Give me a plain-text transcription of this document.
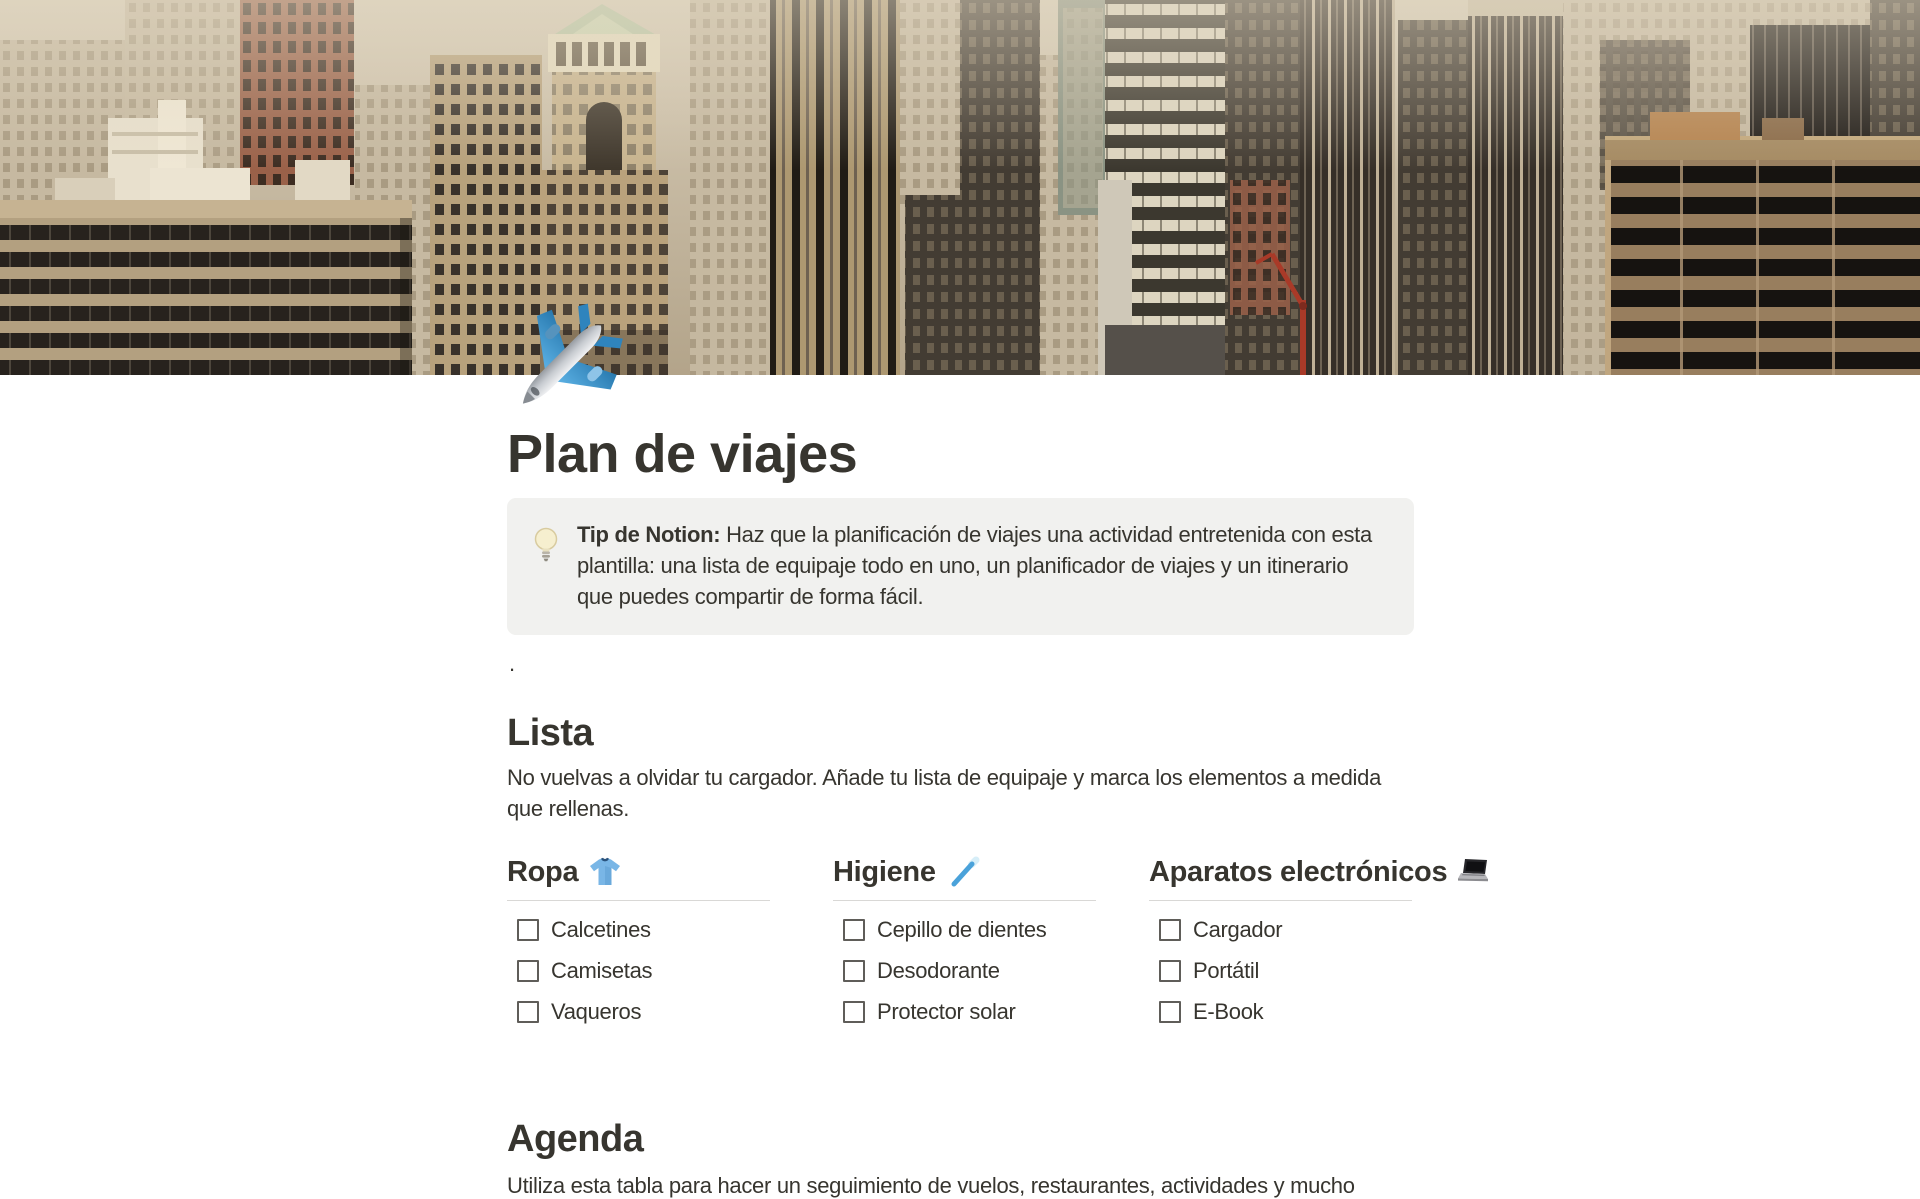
Plan de viajes
Tip de Notion: Haz que la planificación de viajes una actividad entretenida con esta
plantilla: una lista de equipaje todo en uno, un planificador de viajes y un itinerario
que puedes compartir de forma fácil.

.

Lista

No vuelvas a olvidar tu cargador. Añade tu lista de equipaje y marca los elementos a medida
que rellenas.

Ropa
Calcetines
Camisetas
Vaqueros
Higiene
Cepillo de dientes
Desodorante
Protector solar
Aparatos electrónicos
Cargador
Portátil
E-Book
Agenda

Utiliza esta tabla para hacer un seguimiento de vuelos, restaurantes, actividades y mucho
